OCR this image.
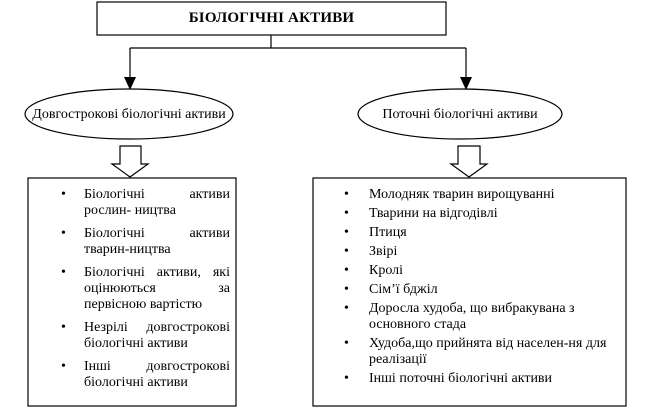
БІОЛОГІЧНІ АКТИВИ
Довгострокові біологічні активи	Поточні біологічні активи
• Біологічні активи рослин- ництва
• Біологічні активи тварин-ництва
• Біологічні активи, які оцінюються за первісною вартістю
• Незрілі довгострокові біологічні активи
• Інші довгострокові біологічні активи
• Молодняк тварин вирощуванні
• Тварини на відгодівлі
• Птиця
• Звірі
• Кролі
• Сім’ї бджіл
• Доросла худоба, що вибракувана з основного стада
• Худоба,що прийнята від населен-ня для реалізації
• Інші поточні біологічні активи
